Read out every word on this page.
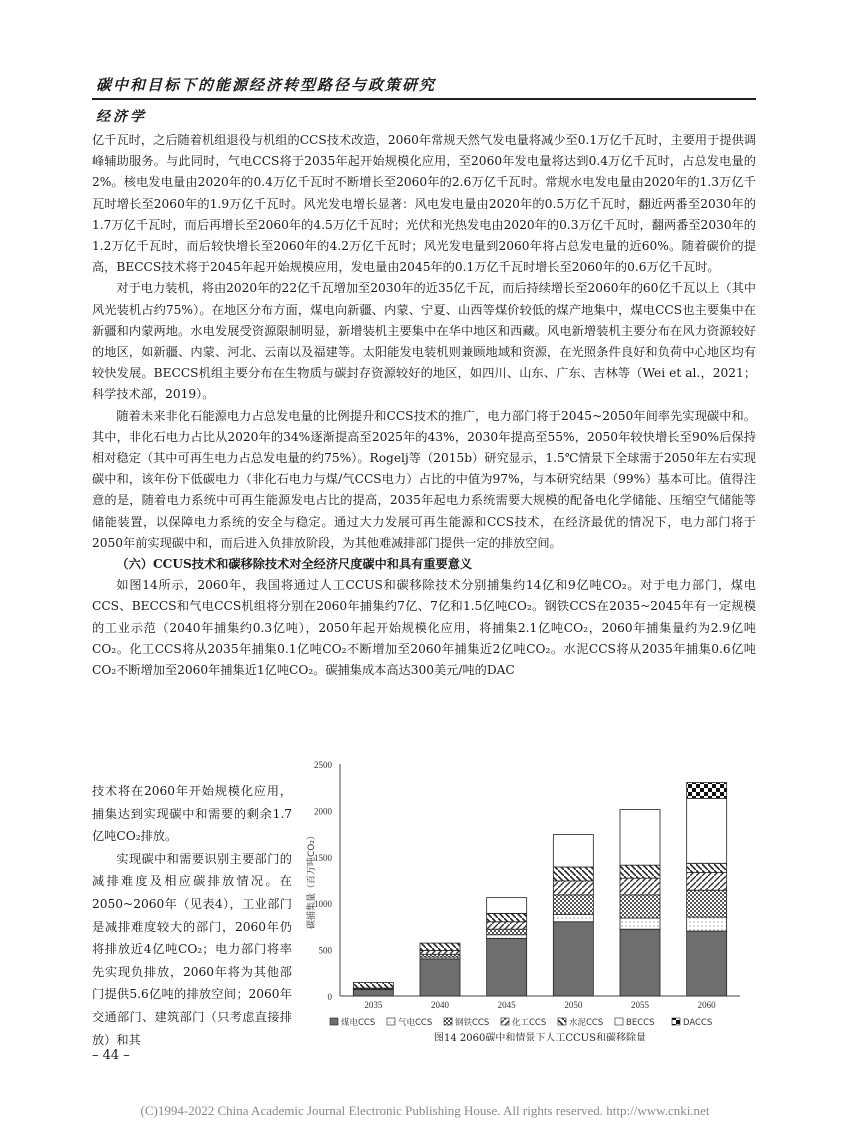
碳中和目标下的能源经济转型路径与政策研究
经济学

亿千瓦时，之后随着机组退役与机组的CCS技术改造，2060年常规天然气发电量将减少至0.1万亿千瓦时，主要用于提供调峰辅助服务。与此同时，气电CCS将于2035年起开始规模化应用，至2060年发电量将达到0.4万亿千瓦时，占总发电量的2%。核电发电量由2020年的0.4万亿千瓦时不断增长至2060年的2.6万亿千瓦时。常规水电发电量由2020年的1.3万亿千瓦时增长至2060年的1.9万亿千瓦时。风光发电增长显著：风电发电量由2020年的0.5万亿千瓦时，翻近两番至2030年的1.7万亿千瓦时，而后再增长至2060年的4.5万亿千瓦时；光伏和光热发电由2020年的0.3万亿千瓦时，翻两番至2030年的1.2万亿千瓦时，而后较快增长至2060年的4.2万亿千瓦时；风光发电量到2060年将占总发电量的近60%。随着碳价的提高，BECCS技术将于2045年起开始规模应用，发电量由2045年的0.1万亿千瓦时增长至2060年的0.6万亿千瓦时。

对于电力装机，将由2020年的22亿千瓦增加至2030年的近35亿千瓦，而后持续增长至2060年的60亿千瓦以上（其中风光装机占约75%）。在地区分布方面，煤电向新疆、内蒙、宁夏、山西等煤价较低的煤产地集中，煤电CCS也主要集中在新疆和内蒙两地。水电发展受资源限制明显，新增装机主要集中在华中地区和西藏。风电新增装机主要分布在风力资源较好的地区，如新疆、内蒙、河北、云南以及福建等。太阳能发电装机则兼顾地域和资源，在光照条件良好和负荷中心地区均有较快发展。BECCS机组主要分布在生物质与碳封存资源较好的地区，如四川、山东、广东、吉林等（Wei et al.，2021；科学技术部，2019）。

随着未来非化石能源电力占总发电量的比例提升和CCS技术的推广，电力部门将于2045~2050年间率先实现碳中和。其中，非化石电力占比从2020年的34%逐渐提高至2025年的43%，2030年提高至55%，2050年较快增长至90%后保持相对稳定（其中可再生电力占总发电量的约75%）。Rogelj等（2015b）研究显示，1.5℃情景下全球需于2050年左右实现碳中和，该年份下低碳电力（非化石电力与煤/气CCS电力）占比的中值为97%，与本研究结果（99%）基本可比。值得注意的是，随着电力系统中可再生能源发电占比的提高，2035年起电力系统需要大规模的配备电化学储能、压缩空气储能等储能装置，以保障电力系统的安全与稳定。通过大力发展可再生能源和CCS技术，在经济最优的情况下，电力部门将于2050年前实现碳中和，而后进入负排放阶段，为其他难减排部门提供一定的排放空间。

（六）CCUS技术和碳移除技术对全经济尺度碳中和具有重要意义

如图14所示，2060年，我国将通过人工CCUS和碳移除技术分别捕集约14亿和9亿吨CO₂。对于电力部门，煤电CCS、BECCS和气电CCS机组将分别在2060年捕集约7亿、7亿和1.5亿吨CO₂。钢铁CCS在2035~2045年有一定规模的工业示范（2040年捕集约0.3亿吨），2050年起开始规模化应用，将捕集2.1亿吨CO₂，2060年捕集量约为2.9亿吨CO₂。化工CCS将从2035年捕集0.1亿吨CO₂不断增加至2060年捕集近2亿吨CO₂。水泥CCS将从2035年捕集0.6亿吨CO₂不断增加至2060年捕集近1亿吨CO₂。碳捕集成本高达300美元/吨的DAC

技术将在2060年开始规模化应用，捕集达到实现碳中和需要的剩余1.7亿吨CO₂排放。

实现碳中和需要识别主要部门的减排难度及相应碳排放情况。在2050~2060年（见表4），工业部门是减排难度较大的部门，2060年仍将排放近4亿吨CO₂；电力部门将率先实现负排放，2060年将为其他部门提供5.6亿吨的排放空间；2060年交通部门、建筑部门（只考虑直接排放）和其

0
500
1000
1500
2000
2500
碳捕集量（百万吨CO₂）
2035	2040	2045	2050	2055	2060
煤电CCS	气电CCS	钢铁CCS	化工CCS	水泥CCS	BECCS	DACCS
图14 2060碳中和情景下人工CCUS和碳移除量
– 44 –
(C)1994-2022 China Academic Journal Electronic Publishing House. All rights reserved. http://www.cnki.net
